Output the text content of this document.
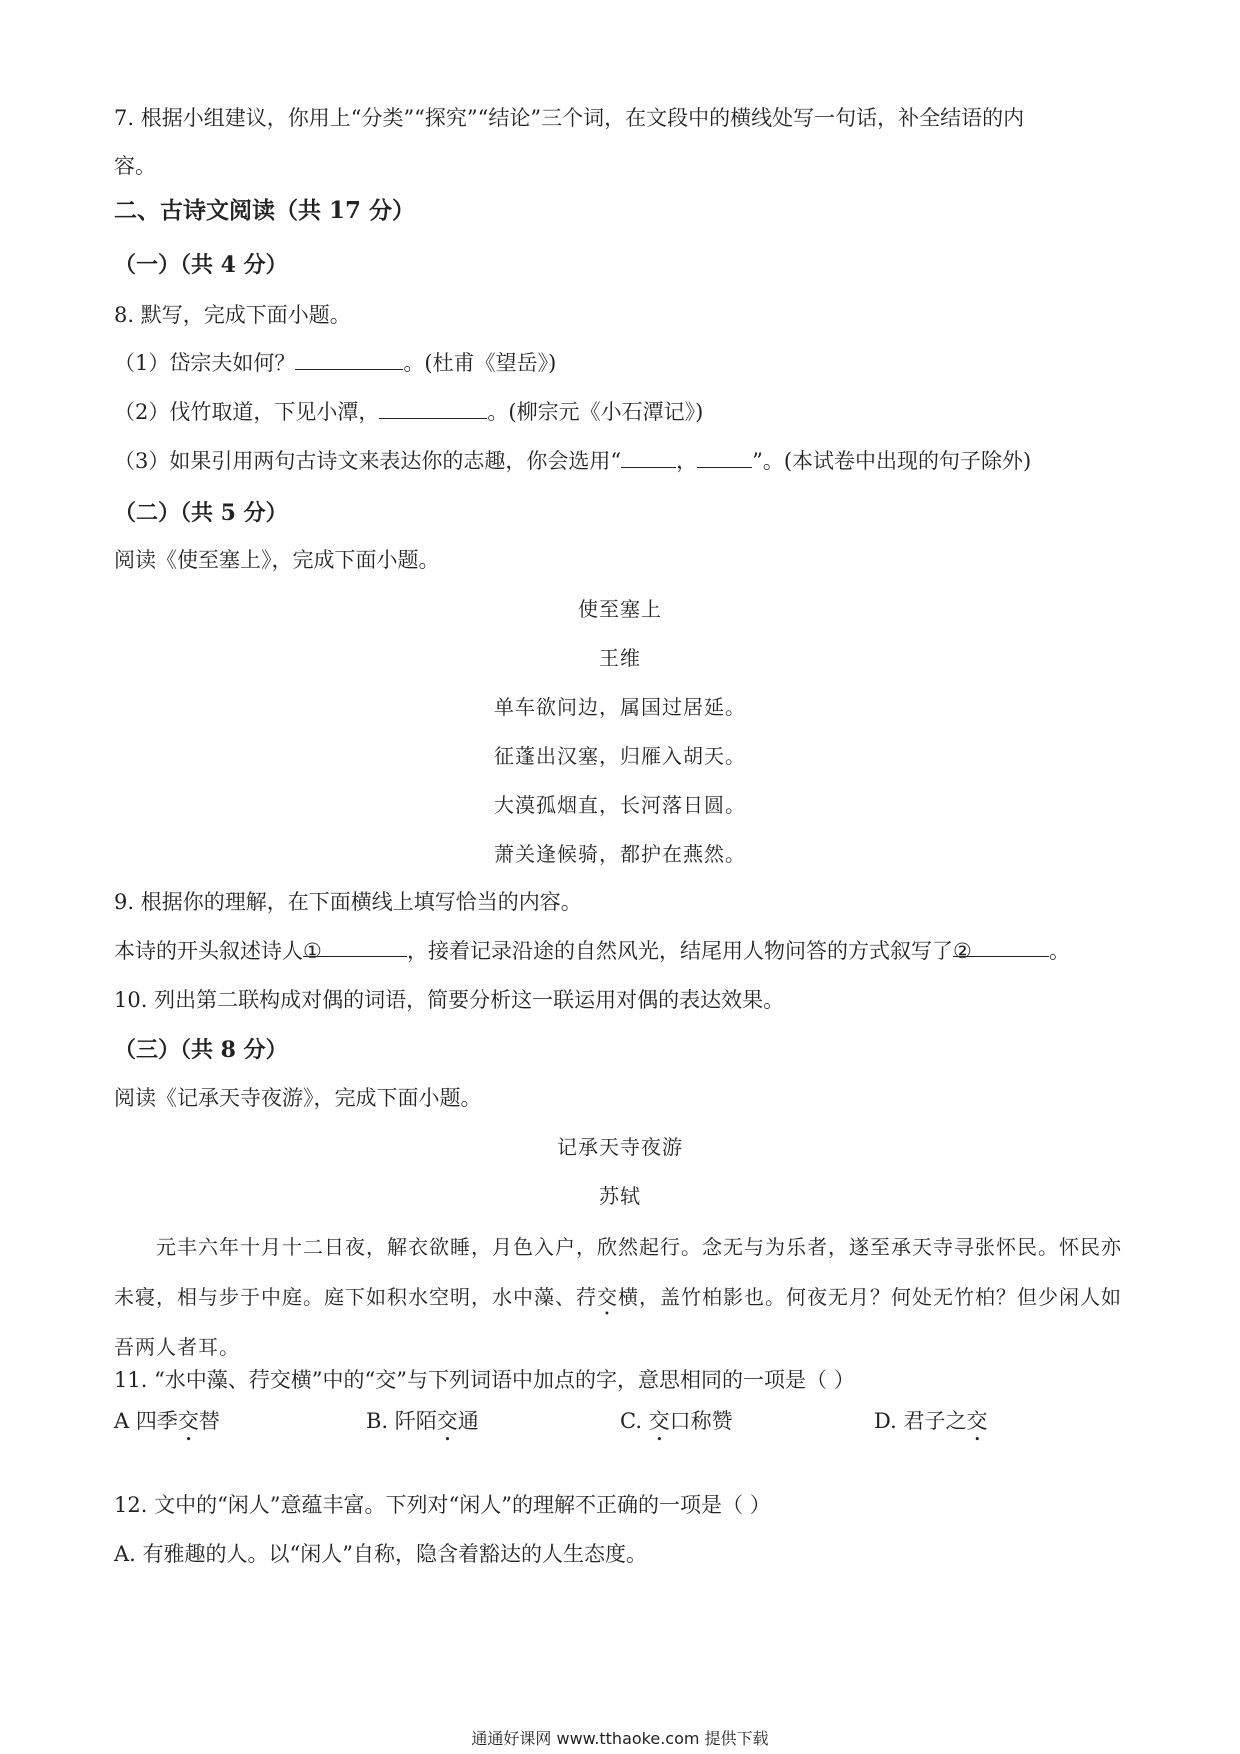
7. 根据小组建议，你用上“分类”“探究”“结论”三个词，在文段中的横线处写一句话，补全结语的内
容。
二、古诗文阅读（共 17 分）
（一）（共 4 分）
8. 默写，完成下面小题。
（1）岱宗夫如何？	。(杜甫《望岳》)
（2）伐竹取道，下见小潭，	。(柳宗元《小石潭记》)
（3）如果引用两句古诗文来表达你的志趣，你会选用“	，	”。(本试卷中出现的句子除外)
（二）（共 5 分）
阅读《使至塞上》，完成下面小题。
使至塞上
王维
单车欲问边，属国过居延。
征蓬出汉塞，归雁入胡天。
大漠孤烟直，长河落日圆。
萧关逢候骑，都护在燕然。
9. 根据你的理解，在下面横线上填写恰当的内容。
本诗的开头叙述诗人①	，接着记录沿途的自然风光，结尾用人物问答的方式叙写了②	。
10. 列出第二联构成对偶的词语，简要分析这一联运用对偶的表达效果。
（三）（共 8 分）
阅读《记承天寺夜游》，完成下面小题。
记承天寺夜游
苏轼
元丰六年十月十二日夜，解衣欲睡，月色入户，欣然起行。念无与为乐者，遂至承天寺寻张怀民。怀民亦未寝，相与步于中庭。庭下如积水空明，水中藻、荇交横，盖竹柏影也。何夜无月？何处无竹柏？但少闲人如吾两人者耳。
11. “水中藻、荇交横”中的“交”与下列词语中加点的字，意思相同的一项是（ ）
A 四季交替	B. 阡陌交通	C. 交口称赞	D. 君子之交
12. 文中的“闲人”意蕴丰富。下列对“闲人”的理解不正确的一项是（ ）
A. 有雅趣的人。以“闲人”自称，隐含着豁达的人生态度。
通通好课网 www.tthaoke.com 提供下载
